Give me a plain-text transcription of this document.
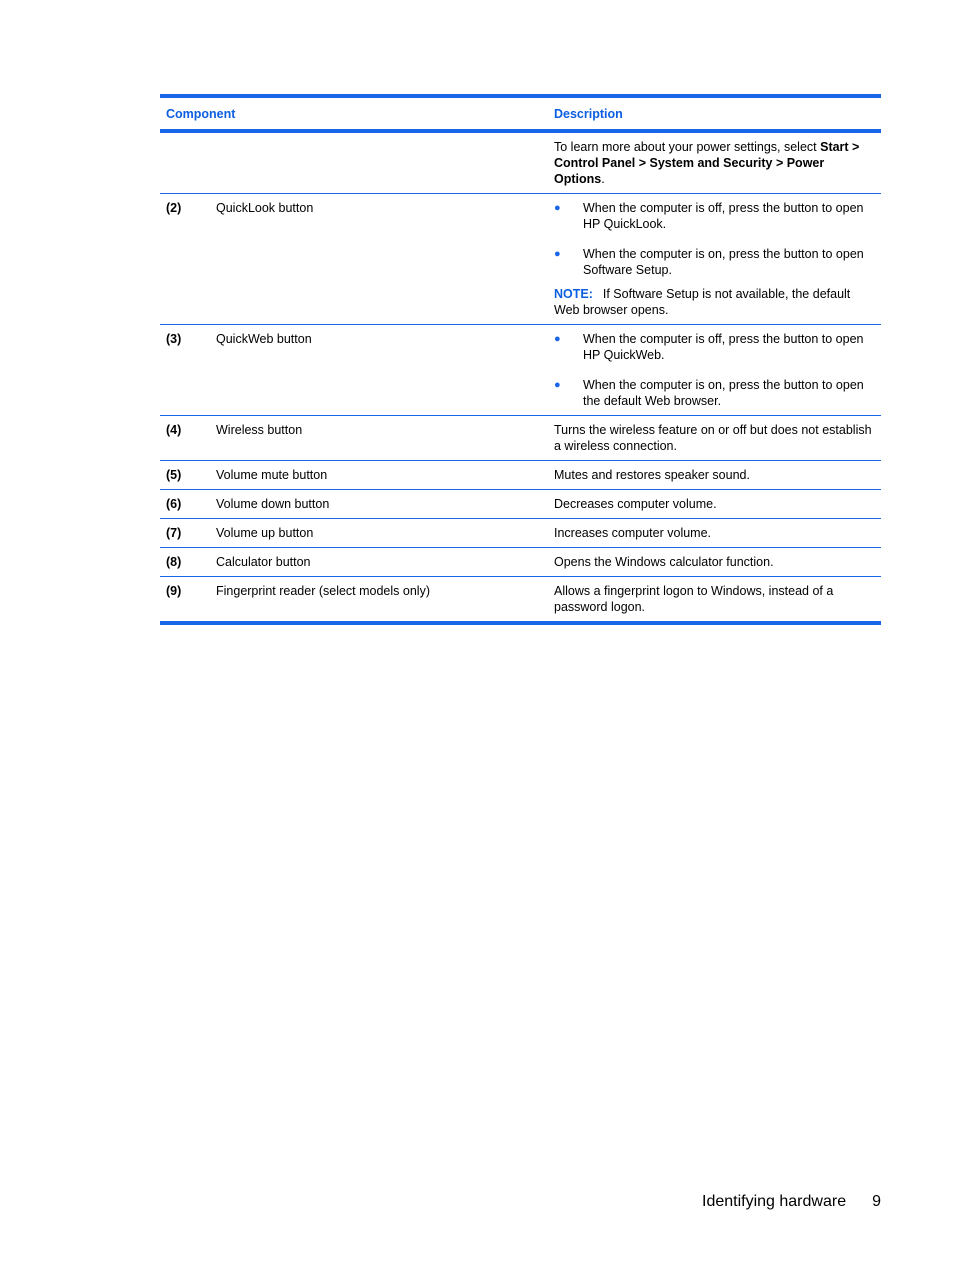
Component		Description
		To learn more about your power settings, select Start > Control Panel > System and Security > Power Options.
(2)	QuickLook button	● When the computer is off, press the button to open HP QuickLook.
● When the computer is on, press the button to open Software Setup.
NOTE: If Software Setup is not available, the default Web browser opens.

(3)	QuickWeb button	● When the computer is off, press the button to open HP QuickWeb.
● When the computer is on, press the button to open the default Web browser.

(4)	Wireless button	Turns the wireless feature on or off but does not establish a wireless connection.
(5)	Volume mute button	Mutes and restores speaker sound.
(6)	Volume down button	Decreases computer volume.
(7)	Volume up button	Increases computer volume.
(8)	Calculator button	Opens the Windows calculator function.
(9)	Fingerprint reader (select models only)	Allows a fingerprint logon to Windows, instead of a password logon.
Identifying hardware 9
